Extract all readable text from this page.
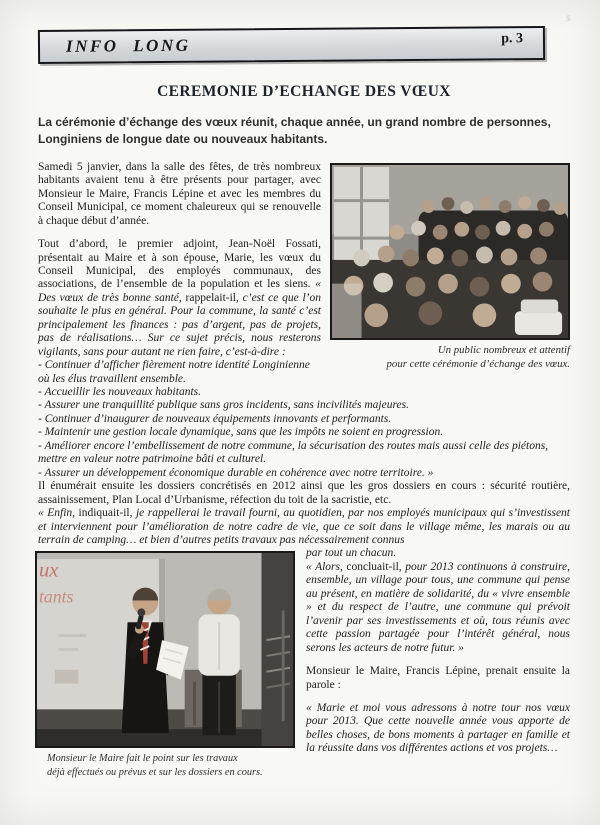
s
INFO LONG	p. 3
CEREMONIE D’ECHANGE DES VŒUX

La cérémonie d’échange des vœux réunit, chaque année, un grand nombre de personnes, Longiniens de longue date ou nouveaux habitants.

Un public nombreux et attentif
pour cette cérémonie d’échange des vœux.

Samedi 5 janvier, dans la salle des fêtes, de très nombreux habitants avaient tenu à être présents pour partager, avec Monsieur le Maire, Francis Lépine et avec les membres du Conseil Municipal, ce moment chaleureux qui se renouvelle à chaque début d’année.

Tout d’abord, le premier adjoint, Jean-Noël Fossati, présentait au Maire et à son épouse, Marie, les vœux du Conseil Municipal, des employés communaux, des associations, de l’ensemble de la population et les siens. « Des vœux de très bonne santé, rappelait-il, c’est ce que l’on souhaite le plus en général. Pour la commune, la santé c’est principalement les finances : pas d’argent, pas de projets, pas de réalisations… Sur ce sujet précis, nous resterons vigilants, sans pour autant ne rien faire, c’est-à-dire :

- Continuer d’afficher fièrement notre identité Longinienne où les élus travaillent ensemble.
- Accueillir les nouveaux habitants.
- Assurer une tranquillité publique sans gros incidents, sans incivilités majeures.
- Continuer d’inaugurer de nouveaux équipements innovants et performants.
- Maintenir une gestion locale dynamique, sans que les impôts ne soient en progression.
- Améliorer encore l’embellissement de notre commune, la sécurisation des routes mais aussi celle des piétons, mettre en valeur notre patrimoine bâti et culturel.
- Assurer un développement économique durable en cohérence avec notre territoire. »

Il énumérait ensuite les dossiers concrétisés en 2012 ainsi que les gros dossiers en cours : sécurité routière, assainissement, Plan Local d’Urbanisme, réfection du toit de la sacristie, etc.

« Enfin, indiquait-il, je rappellerai le travail fourni, au quotidien, par nos employés municipaux qui s’investissent et interviennent pour l’amélioration de notre cadre de vie, que ce soit dans le village même, les marais ou au terrain de camping… et bien d’autres petits travaux pas nécessairement connus

ux
tants
Monsieur le Maire fait le point sur les travaux
déjà effectués ou prévus et sur les dossiers en cours.

par tout un chacun.

« Alors, concluait-il, pour 2013 continuons à construire, ensemble, un village pour tous, une commune qui pense au présent, en matière de solidarité, du « vivre ensemble » et du respect de l’autre, une commune qui prévoit l’avenir par ses investissements et où, tous réunis avec cette passion partagée pour l’intérêt général, nous serons les acteurs de notre futur. »

Monsieur le Maire, Francis Lépine, prenait ensuite la parole :

« Marie et moi vous adressons à notre tour nos vœux pour 2013. Que cette nouvelle année vous apporte de belles choses, de bons moments à partager en famille et la réussite dans vos différentes actions et vos projets…
